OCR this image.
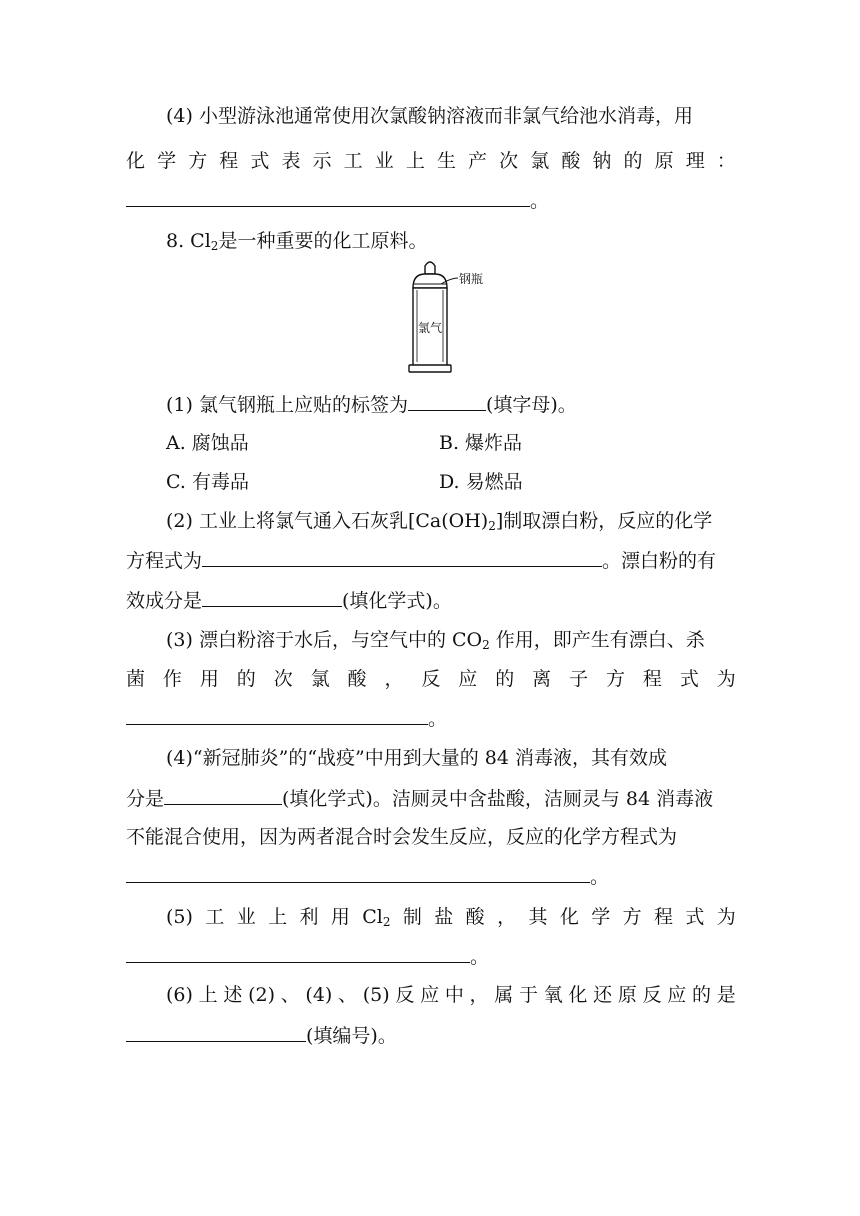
(4) 小型游泳池通常使用次氯酸钠溶液而非氯气给池水消毒，用
化 学 方 程 式 表 示 工 业 上 生 产 次 氯 酸 钠 的 原 理 ：
。
8. $Cl_2$是一种重要的化工原料。
钢瓶
氯气
(1) 氯气钢瓶上应贴的标签为	(填字母)。
A. 腐蚀品	B. 爆炸品
C. 有毒品	D. 易燃品
(2) 工业上将氯气通入石灰乳$[Ca(OH)_2]$制取漂白粉，反应的化学
方程式为	。漂白粉的有
效成分是	(填化学式)。
(3) 漂白粉溶于水后，与空气中的 $CO_2$ 作用，即产生有漂白、杀
菌 作 用 的 次 氯 酸 ， 反 应 的 离 子 方 程 式 为
。
(4)“新冠肺炎”的“战疫”中用到大量的 84 消毒液，其有效成
分是	(填化学式)。洁厕灵中含盐酸，洁厕灵与 84 消毒液
不能混合使用，因为两者混合时会发生反应，反应的化学方程式为
。
(5) 工 业 上 利 用 $Cl_2$ 制 盐 酸 ， 其 化 学 方 程 式 为
。
(6) 上 述 (2) 、 (4) 、 (5) 反 应 中 ， 属 于 氧 化 还 原 反 应 的 是
(填编号)。
